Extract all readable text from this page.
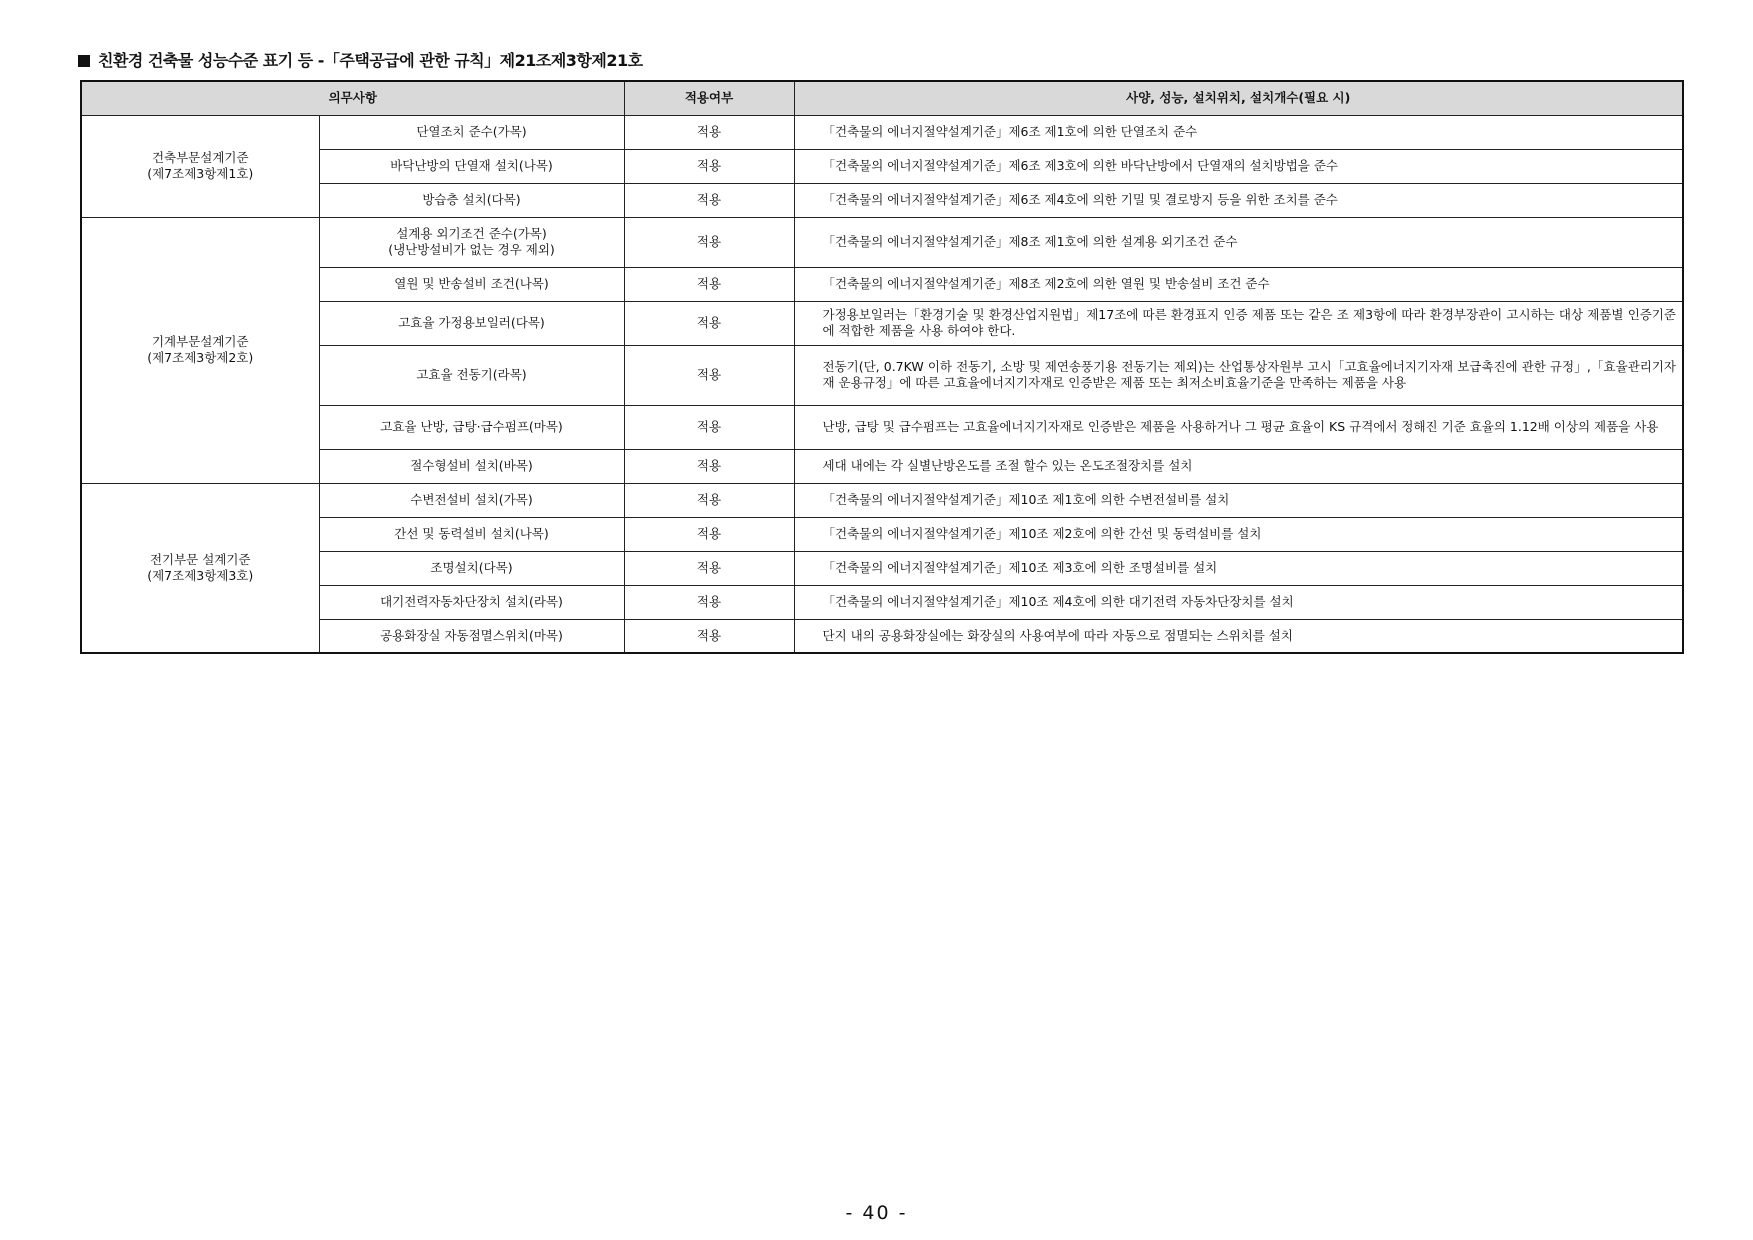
친환경 건축물 성능수준 표기 등 -「주택공급에 관한 규칙」제21조제3항제21호
의무사항		적용여부	사양, 성능, 설치위치, 설치개수(필요 시)

건축부문설계기준
(제7조제3항제1호)	단열조치 준수(가목)	적용	「건축물의 에너지절약설계기준」제6조 제1호에 의한 단열조치 준수

	바닥난방의 단열재 설치(나목)	적용	「건축물의 에너지절약설계기준」제6조 제3호에 의한 바닥난방에서 단열재의 설치방법을 준수

	방습층 설치(다목)	적용	「건축물의 에너지절약설계기준」제6조 제4호에 의한 기밀 및 결로방지 등을 위한 조치를 준수

기계부문설계기준
(제7조제3항제2호)	설계용 외기조건 준수(가목)
(냉난방설비가 없는 경우 제외)	적용	「건축물의 에너지절약설계기준」제8조 제1호에 의한 설계용 외기조건 준수

	열원 및 반송설비 조건(나목)	적용	「건축물의 에너지절약설계기준」제8조 제2호에 의한 열원 및 반송설비 조건 준수

	고효율 가정용보일러(다목)	적용	가정용보일러는「환경기술 및 환경산업지원법」제17조에 따른 환경표지 인증 제품 또는 같은 조 제3항에 따라 환경부장관이 고시하는 대상 제품별 인증기준에 적합한 제품을 사용 하여야 한다.

	고효율 전동기(라목)	적용	전동기(단, 0.7KW 이하 전동기, 소방 및 제연송풍기용 전동기는 제외)는 산업통상자원부 고시「고효율에너지기자재 보급촉진에 관한 규정」,「효율관리기자재 운용규정」에 따른 고효율에너지기자재로 인증받은 제품 또는 최저소비효율기준을 만족하는 제품을 사용

	고효율 난방, 급탕·급수펌프(마목)	적용	난방, 급탕 및 급수펌프는 고효율에너지기자재로 인증받은 제품을 사용하거나 그 평균 효율이 KS 규격에서 정해진 기준 효율의 1.12배 이상의 제품을 사용

	절수형설비 설치(바목)	적용	세대 내에는 각 실별난방온도를 조절 할수 있는 온도조절장치를 설치

전기부문 설계기준
(제7조제3항제3호)	수변전설비 설치(가목)	적용	「건축물의 에너지절약설계기준」제10조 제1호에 의한 수변전설비를 설치

	간선 및 동력설비 설치(나목)	적용	「건축물의 에너지절약설계기준」제10조 제2호에 의한 간선 및 동력설비를 설치

	조명설치(다목)	적용	「건축물의 에너지절약설계기준」제10조 제3호에 의한 조명설비를 설치

	대기전력자동차단장치 설치(라목)	적용	「건축물의 에너지절약설계기준」제10조 제4호에 의한 대기전력 자동차단장치를 설치

	공용화장실 자동점멸스위치(마목)	적용	단지 내의 공용화장실에는 화장실의 사용여부에 따라 자동으로 점멸되는 스위치를 설치
- 40 -
